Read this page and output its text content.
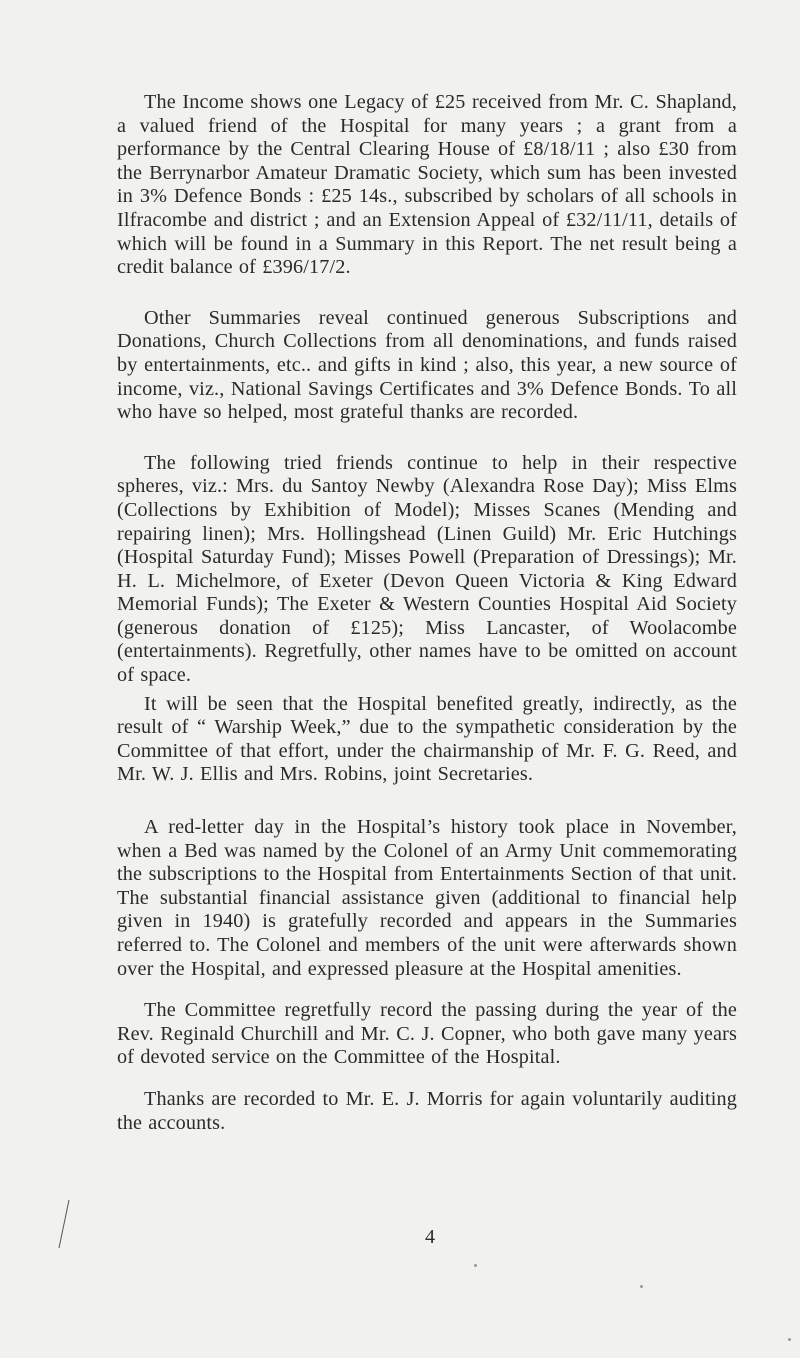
The Income shows one Legacy of £25 received from Mr. C. Shapland, a valued friend of the Hospital for many years ; a grant from a performance by the Central Clearing House of £8/18/11 ; also £30 from the Berrynarbor Amateur Dramatic Society, which sum has been invested in 3% Defence Bonds : £25 14s., subscribed by scholars of all schools in Ilfracombe and district ; and an Extension Appeal of £32/11/11, details of which will be found in a Summary in this Report. The net result being a credit balance of £396/17/2.

Other Summaries reveal continued generous Subscriptions and Donations, Church Collections from all denominations, and funds raised by entertainments, etc.. and gifts in kind ; also, this year, a new source of income, viz., National Savings Certificates and 3% Defence Bonds. To all who have so helped, most grateful thanks are recorded.

The following tried friends continue to help in their respective spheres, viz.: Mrs. du Santoy Newby (Alexandra Rose Day); Miss Elms (Collections by Exhibition of Model); Misses Scanes (Mending and repairing linen); Mrs. Hollingshead (Linen Guild) Mr. Eric Hutchings (Hospital Saturday Fund); Misses Powell (Preparation of Dressings); Mr. H. L. Michelmore, of Exeter (Devon Queen Victoria & King Edward Memorial Funds); The Exeter & Western Counties Hospital Aid Society (generous donation of £125); Miss Lancaster, of Woolacombe (entertainments). Regretfully, other names have to be omitted on account of space.

It will be seen that the Hospital benefited greatly, indirectly, as the result of “ Warship Week,” due to the sympathetic consideration by the Committee of that effort, under the chairmanship of Mr. F. G. Reed, and Mr. W. J. Ellis and Mrs. Robins, joint Secretaries.

A red-letter day in the Hospital’s history took place in November, when a Bed was named by the Colonel of an Army Unit commemorating the subscriptions to the Hospital from Entertainments Section of that unit. The substantial financial assistance given (additional to financial help given in 1940) is gratefully recorded and appears in the Summaries referred to. The Colonel and members of the unit were afterwards shown over the Hospital, and expressed pleasure at the Hospital amenities.

The Committee regretfully record the passing during the year of the Rev. Reginald Churchill and Mr. C. J. Copner, who both gave many years of devoted service on the Committee of the Hospital.

Thanks are recorded to Mr. E. J. Morris for again voluntarily auditing the accounts.

4
